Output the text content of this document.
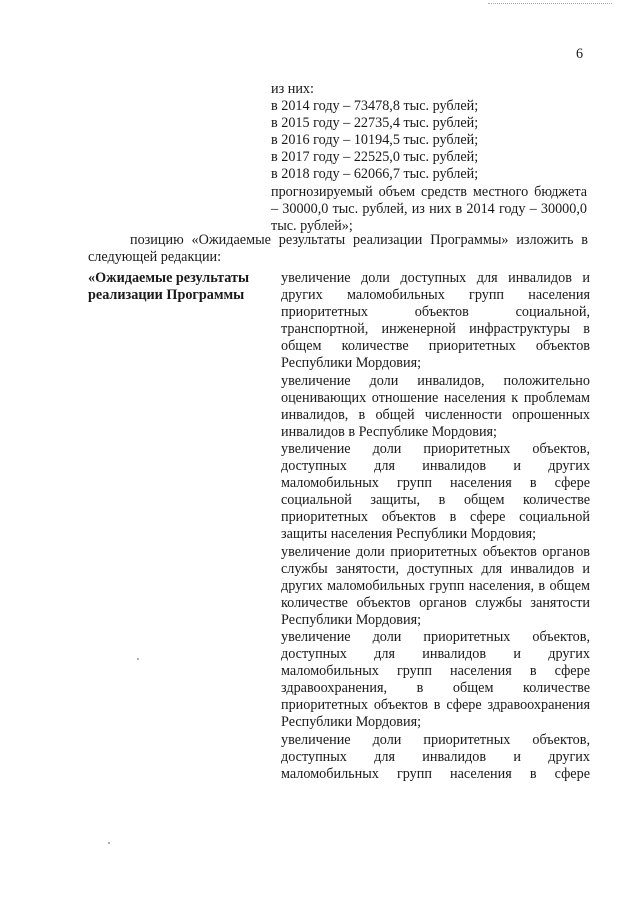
6
из них:
в 2014 году – 73478,8 тыс. рублей;
в 2015 году – 22735,4 тыс. рублей;
в 2016 году – 10194,5 тыс. рублей;
в 2017 году – 22525,0 тыс. рублей;
в 2018 году – 62066,7 тыс. рублей;
прогнозируемый объем средств местного бюджета – 30000,0 тыс. рублей, из них в 2014 году – 30000,0 тыс. рублей»;
позицию «Ожидаемые результаты реализации Программы» изложить в следующей редакции:
«Ожидаемые результаты реализации Программы

увеличение доли доступных для инвалидов и других маломобильных групп населения приоритетных объектов социальной, транспортной, инженерной инфраструктуры в общем количестве приоритетных объектов Республики Мордовия;

увеличение доли инвалидов, положительно оценивающих отношение населения к проблемам инвалидов, в общей численности опрошенных инвалидов в Республике Мордовия;

увеличение доли приоритетных объектов, доступных для инвалидов и других маломобильных групп населения в сфере социальной защиты, в общем количестве приоритетных объектов в сфере социальной защиты населения Республики Мордовия;

увеличение доли приоритетных объектов органов службы занятости, доступных для инвалидов и других маломобильных групп населения, в общем количестве объектов органов службы занятости Республики Мордовия;

увеличение доли приоритетных объектов, доступных для инвалидов и других маломобильных групп населения в сфере здравоохранения, в общем количестве приоритетных объектов в сфере здравоохранения Республики Мордовия;

увеличение доли приоритетных объектов, доступных для инвалидов и других маломобильных групп населения в сфере
